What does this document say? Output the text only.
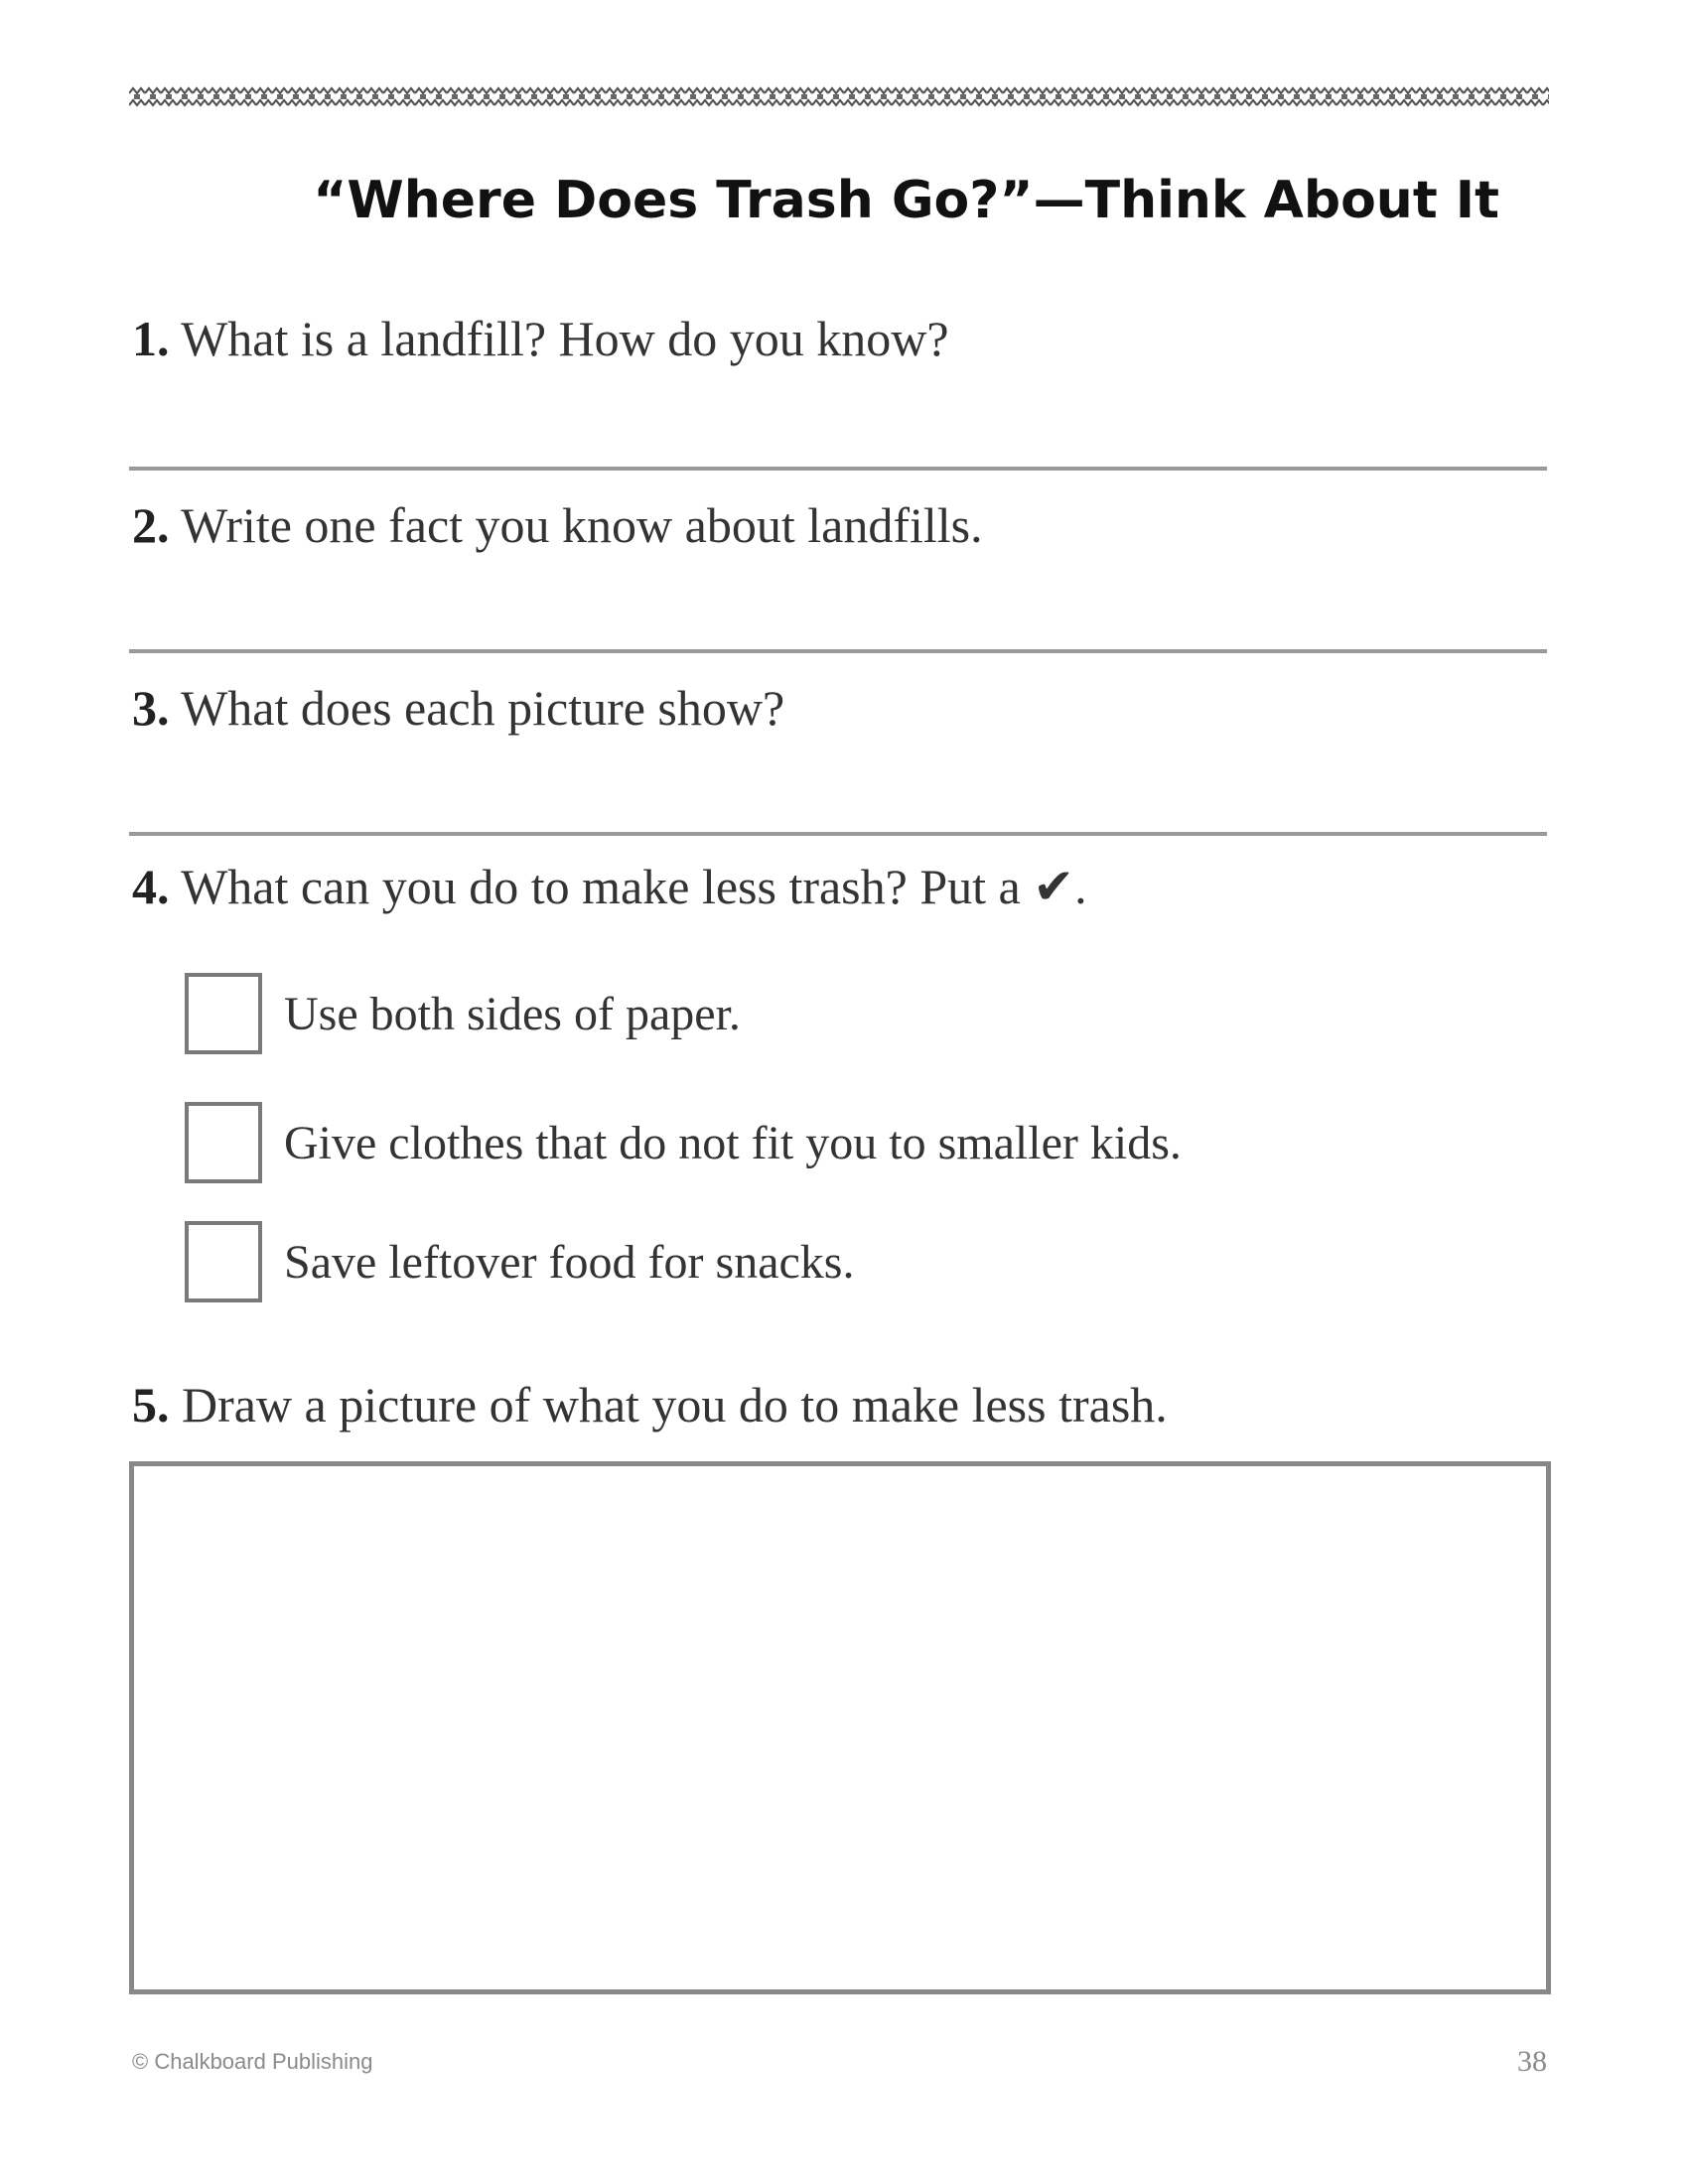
“Where Does Trash Go?”—Think About It
1. What is a landfill? How do you know?
2. Write one fact you know about landfills.
3. What does each picture show?
4. What can you do to make less trash? Put a ✔.
Use both sides of paper.
Give clothes that do not fit you to smaller kids.
Save leftover food for snacks.
5. Draw a picture of what you do to make less trash.
© Chalkboard Publishing	38
